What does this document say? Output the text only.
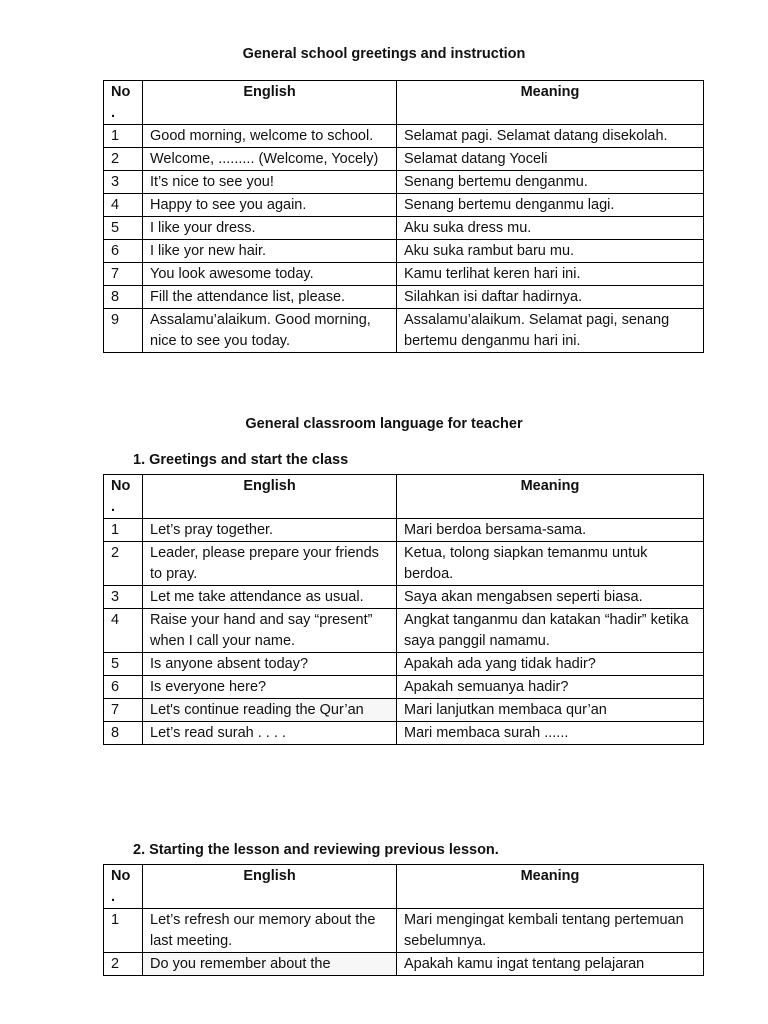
General school greetings and instruction
No .	English	Meaning
1	Good morning, welcome to school.	Selamat pagi. Selamat datang disekolah.
2	Welcome, ......... (Welcome, Yocely)	Selamat datang Yoceli
3	It’s nice to see you!	Senang bertemu denganmu.
4	Happy to see you again.	Senang bertemu denganmu lagi.
5	I like your dress.	Aku suka dress mu.
6	I like yor new hair.	Aku suka rambut baru mu.
7	You look awesome today.	Kamu terlihat keren hari ini.
8	Fill the attendance list, please.	Silahkan isi daftar hadirnya.
9	Assalamu’alaikum. Good morning, nice to see you today.	Assalamu’alaikum. Selamat pagi, senang bertemu denganmu hari ini.
General classroom language for teacher
1. Greetings and start the class
No .	English	Meaning
1	Let’s pray together.	Mari berdoa bersama-sama.
2	Leader, please prepare your friends to pray.	Ketua, tolong siapkan temanmu untuk berdoa.
3	Let me take attendance as usual.	Saya akan mengabsen seperti biasa.
4	Raise your hand and say “present” when I call your name.	Angkat tanganmu dan katakan “hadir” ketika saya panggil namamu.
5	Is anyone absent today?	Apakah ada yang tidak hadir?
6	Is everyone here?	Apakah semuanya hadir?
7	Let's continue reading the Qur’an	Mari lanjutkan membaca qur’an
8	Let’s read surah . . . .	Mari membaca surah ......
2. Starting the lesson and reviewing previous lesson.
No .	English	Meaning
1	Let’s refresh our memory about the last meeting.	Mari mengingat kembali tentang pertemuan sebelumnya.
2	Do you remember about the	Apakah kamu ingat tentang pelajaran
